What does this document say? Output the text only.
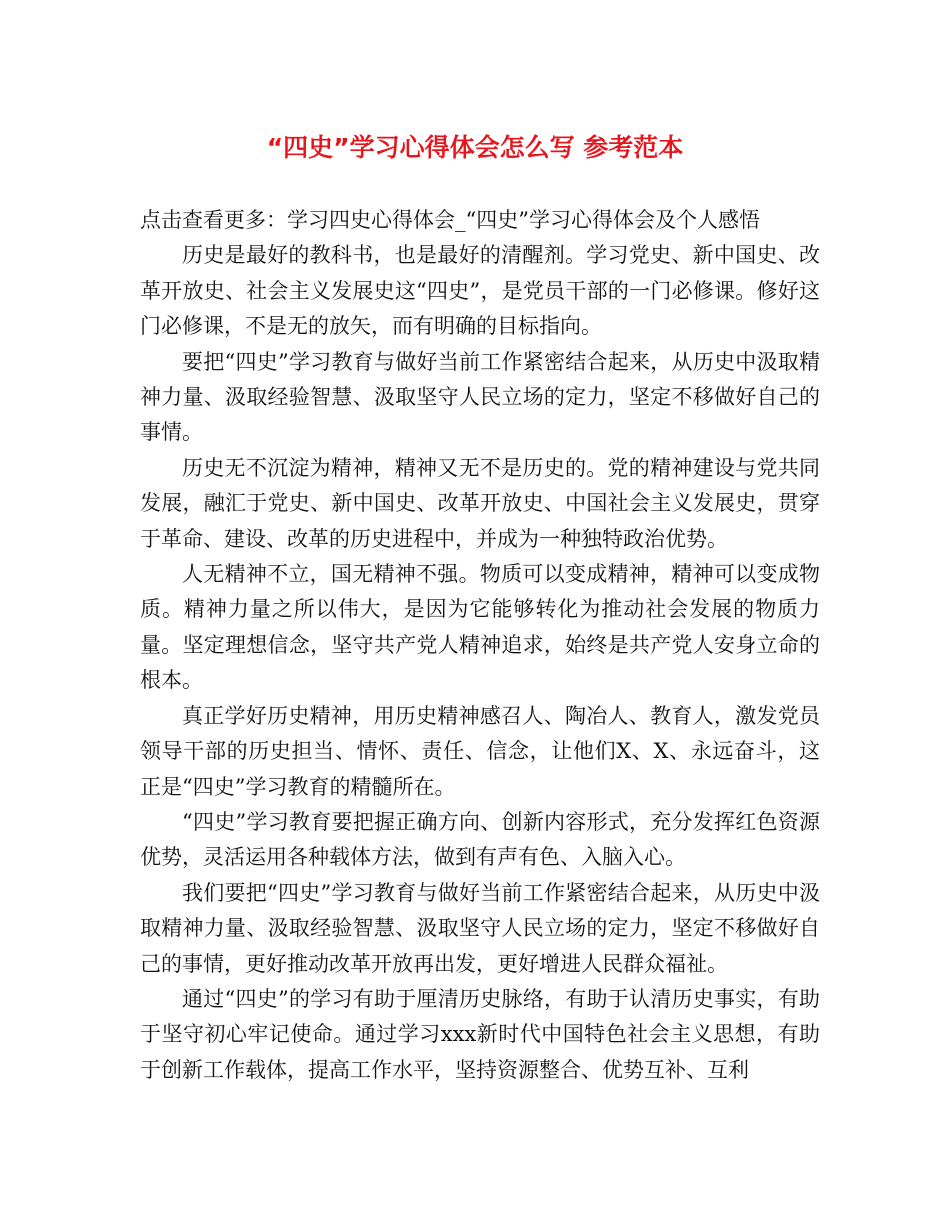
“四史”学习心得体会怎么写 参考范本

点击查看更多：学习四史心得体会_“四史”学习心得体会及个人感悟

历史是最好的教科书，也是最好的清醒剂。学习党史、新中国史、改革开放史、社会主义发展史这“四史”，是党员干部的一门必修课。修好这门必修课，不是无的放矢，而有明确的目标指向。

要把“四史”学习教育与做好当前工作紧密结合起来，从历史中汲取精神力量、汲取经验智慧、汲取坚守人民立场的定力，坚定不移做好自己的事情。

历史无不沉淀为精神，精神又无不是历史的。党的精神建设与党共同发展，融汇于党史、新中国史、改革开放史、中国社会主义发展史，贯穿于革命、建设、改革的历史进程中，并成为一种独特政治优势。

人无精神不立，国无精神不强。物质可以变成精神，精神可以变成物质。精神力量之所以伟大，是因为它能够转化为推动社会发展的物质力量。坚定理想信念，坚守共产党人精神追求，始终是共产党人安身立命的根本。

真正学好历史精神，用历史精神感召人、陶冶人、教育人，激发党员领导干部的历史担当、情怀、责任、信念，让他们X、X、永远奋斗，这正是“四史”学习教育的精髓所在。

“四史”学习教育要把握正确方向、创新内容形式，充分发挥红色资源优势，灵活运用各种载体方法，做到有声有色、入脑入心。

我们要把“四史”学习教育与做好当前工作紧密结合起来，从历史中汲取精神力量、汲取经验智慧、汲取坚守人民立场的定力，坚定不移做好自己的事情，更好推动改革开放再出发，更好增进人民群众福祉。

通过“四史”的学习有助于厘清历史脉络，有助于认清历史事实，有助于坚守初心牢记使命。通过学习xxx新时代中国特色社会主义思想，有助于创新工作载体，提高工作水平，坚持资源整合、优势互补、互利
